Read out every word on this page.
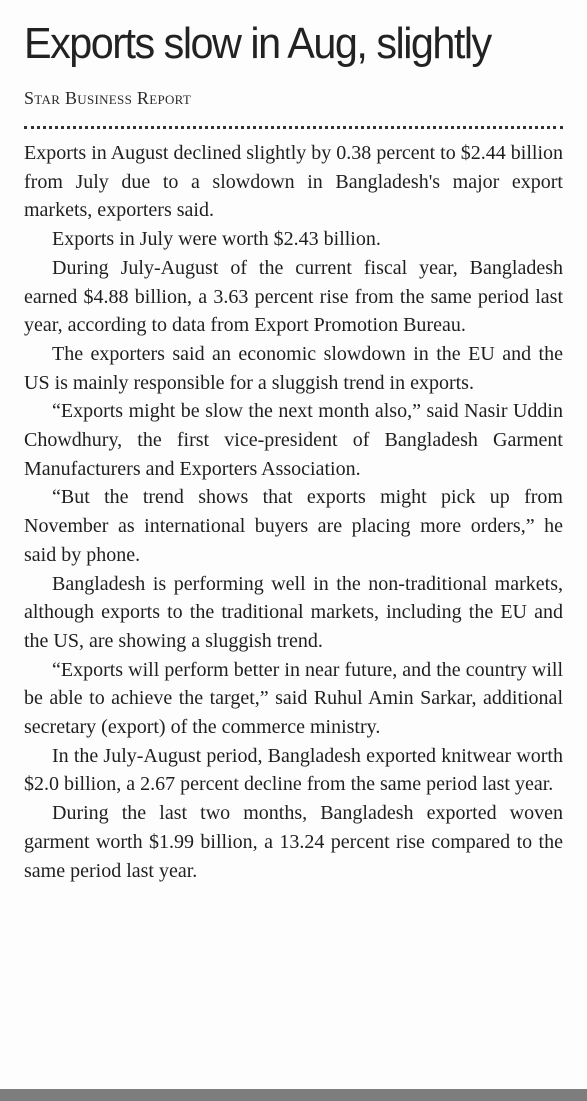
Exports slow in Aug, slightly
Star Business Report

Exports in August declined slightly by 0.38 percent to $2.44 billion from July due to a slowdown in Bangladesh's major export markets, exporters said.

Exports in July were worth $2.43 billion.

During July-August of the current fiscal year, Bangladesh earned $4.88 billion, a 3.63 percent rise from the same period last year, according to data from Export Promotion Bureau.

The exporters said an economic slowdown in the EU and the US is mainly responsible for a sluggish trend in exports.

“Exports might be slow the next month also,” said Nasir Uddin Chowdhury, the first vice-president of Bangladesh Garment Manufacturers and Exporters Association.

“But the trend shows that exports might pick up from November as international buyers are placing more orders,” he said by phone.

Bangladesh is performing well in the non-traditional markets, although exports to the traditional markets, including the EU and the US, are showing a sluggish trend.

“Exports will perform better in near future, and the country will be able to achieve the target,” said Ruhul Amin Sarkar, additional secretary (export) of the commerce ministry.

In the July-August period, Bangladesh exported knitwear worth $2.0 billion, a 2.67 percent decline from the same period last year.

During the last two months, Bangladesh exported woven garment worth $1.99 billion, a 13.24 percent rise compared to the same period last year.
